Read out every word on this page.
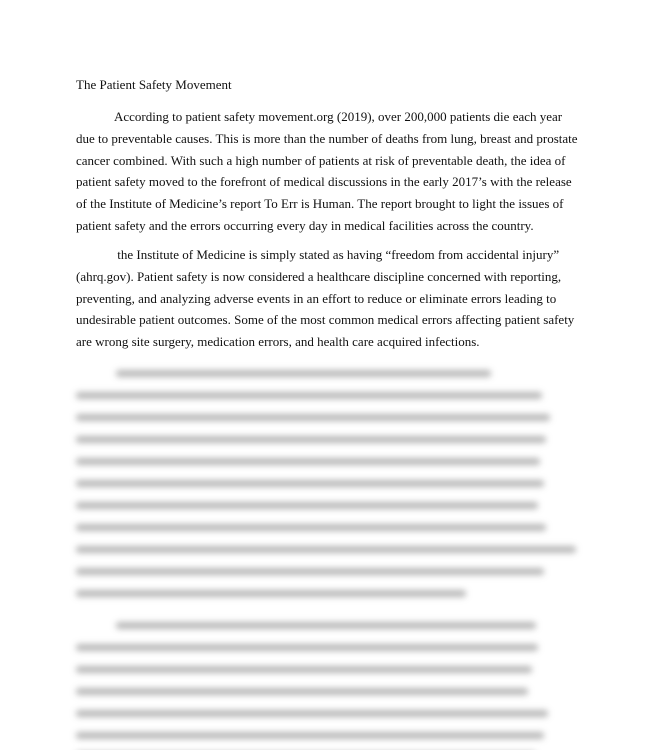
The Patient Safety Movement
According to patient safety movement.org (2019), over 200,000 patients die each year
due to preventable causes. This is more than the number of deaths from lung, breast and prostate
cancer combined. With such a high number of patients at risk of preventable death, the idea of
patient safety moved to the forefront of medical discussions in the early 2017’s with the release
of the Institute of Medicine’s report To Err is Human. The report brought to light the issues of
patient safety and the errors occurring every day in medical facilities across the country.
the Institute of Medicine is simply stated as having “freedom from accidental injury”
(ahrq.gov). Patient safety is now considered a healthcare discipline concerned with reporting,
preventing, and analyzing adverse events in an effort to reduce or eliminate errors leading to
undesirable patient outcomes. Some of the most common medical errors affecting patient safety
are wrong site surgery, medication errors, and health care acquired infections.
